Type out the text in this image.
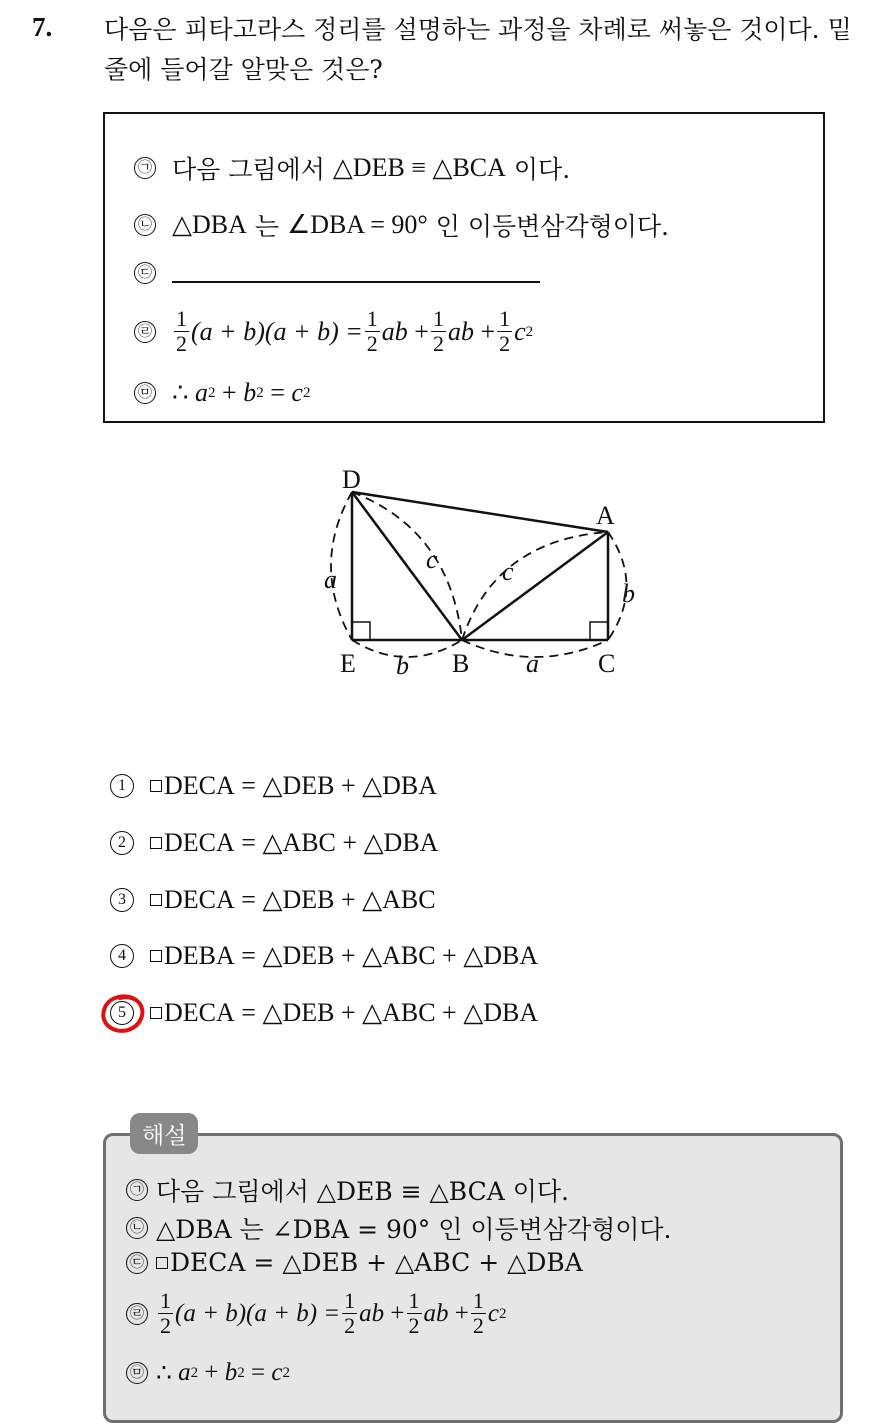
7. 다음은 피타고라스 정리를 설명하는 과정을 차례로 써놓은 것이다. 밑 줄에 들어갈 알맞은 것은?
㉠ 다음 그림에서
△DEB ≡ △BCA
이다.
㉡ △DBA
는
∠DBA = 90°
인 이등변삼각형이다.
㉢
㉣ $\frac{1}{2} (a + b)(a + b) = \frac{1}{2}$ ab
+ $\frac{1}{2}$ ab
+ $\frac{1}{2}$ c 2
㉤ ∴
a 2
+
b 2
=
c 2
D
A
E	B	C
a
b	a
b
c c
1	DECA
= △DEB + △DBA
2	DECA
= △ABC + △DBA
3	DECA
= △DEB + △ABC
4	DEBA
= △DEB + △ABC + △DBA
5	DECA
= △DEB + △ABC + △DBA
해설
㉠ 다음 그림에서 △DEB ≡ △BCA 이다.
㉡ △DBA 는 ∠DBA = 90° 인 이등변삼각형이다.
㉢ DECA = △DEB + △ABC + △DBA
㉣ $\frac{1}{2} (a + b)(a + b) = \frac{1}{2}$ ab
+ $\frac{1}{2}$ ab
+ $\frac{1}{2}$ c 2
㉤ ∴
a 2
+
b 2
=
c 2
